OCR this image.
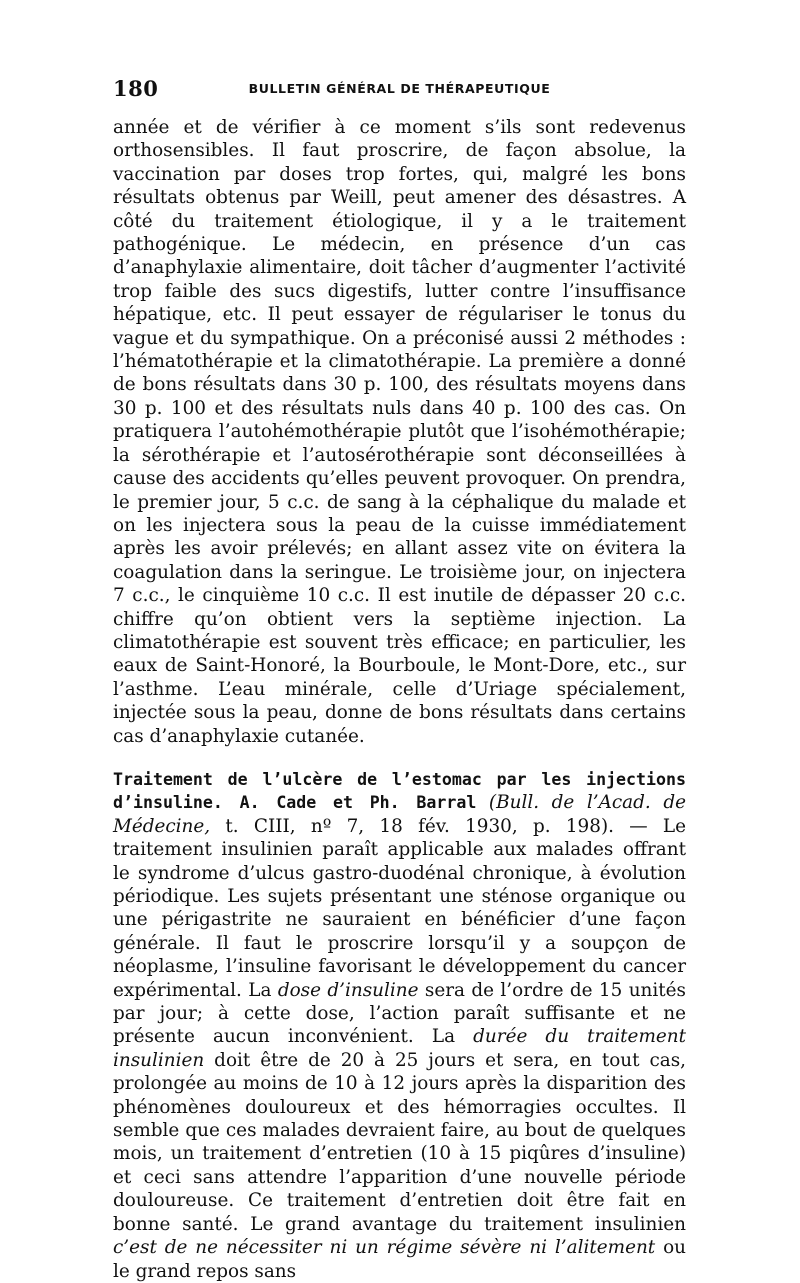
180	BULLETIN GÉNÉRAL DE THÉRAPEUTIQUE

année et de vérifier à ce moment s’ils sont redevenus orthosensibles. Il faut proscrire, de façon absolue, la vaccination par doses trop fortes, qui, malgré les bons résultats obtenus par Weill, peut amener des désastres. A côté du traitement étiologique, il y a le traitement pathogénique. Le médecin, en présence d’un cas d’anaphylaxie alimentaire, doit tâcher d’augmenter l’activité trop faible des sucs digestifs, lutter contre l’insuffisance hépatique, etc. Il peut essayer de régulariser le tonus du vague et du sympathique. On a préconisé aussi 2 méthodes : l’hématothérapie et la climatothérapie. La première a donné de bons résultats dans 30 p. 100, des résultats moyens dans 30 p. 100 et des résultats nuls dans 40 p. 100 des cas. On pratiquera l’autohémothérapie plutôt que l’isohémothérapie; la sérothérapie et l’autosérothérapie sont déconseillées à cause des accidents qu’elles peuvent provoquer. On prendra, le premier jour, 5 c.c. de sang à la céphalique du malade et on les injectera sous la peau de la cuisse immédiatement après les avoir prélevés; en allant assez vite on évitera la coagulation dans la seringue. Le troisième jour, on injectera 7 c.c., le cinquième 10 c.c. Il est inutile de dépasser 20 c.c. chiffre qu’on obtient vers la septième injection. La climatothérapie est souvent très efficace; en particulier, les eaux de Saint-Honoré, la Bourboule, le Mont-Dore, etc., sur l’asthme. L’eau minérale, celle d’Uriage spécialement, injectée sous la peau, donne de bons résultats dans certains cas d’anaphylaxie cutanée.

Traitement de l’ulcère de l’estomac par les injections d’insuline. A. Cade et Ph. Barral (Bull. de l’Acad. de Médecine, t. CIII, nº 7, 18 fév. 1930, p. 198). — Le traitement insulinien paraît applicable aux malades offrant le syndrome d’ulcus gastro-duodénal chronique, à évolution périodique. Les sujets présentant une sténose organique ou une périgastrite ne sauraient en bénéficier d’une façon générale. Il faut le proscrire lorsqu’il y a soupçon de néoplasme, l’insuline favorisant le développement du cancer expérimental. La dose d’insuline sera de l’ordre de 15 unités par jour; à cette dose, l’action paraît suffisante et ne présente aucun inconvénient. La durée du traitement insulinien doit être de 20 à 25 jours et sera, en tout cas, prolongée au moins de 10 à 12 jours après la disparition des phénomènes douloureux et des hémorragies occultes. Il semble que ces malades devraient faire, au bout de quelques mois, un traitement d’entretien (10 à 15 piqûres d’insuline) et ceci sans attendre l’apparition d’une nouvelle période douloureuse. Ce traitement d’entretien doit être fait en bonne santé. Le grand avantage du traitement insulinien c’est de ne nécessiter ni un régime sévère ni l’alitement ou le grand repos sans
